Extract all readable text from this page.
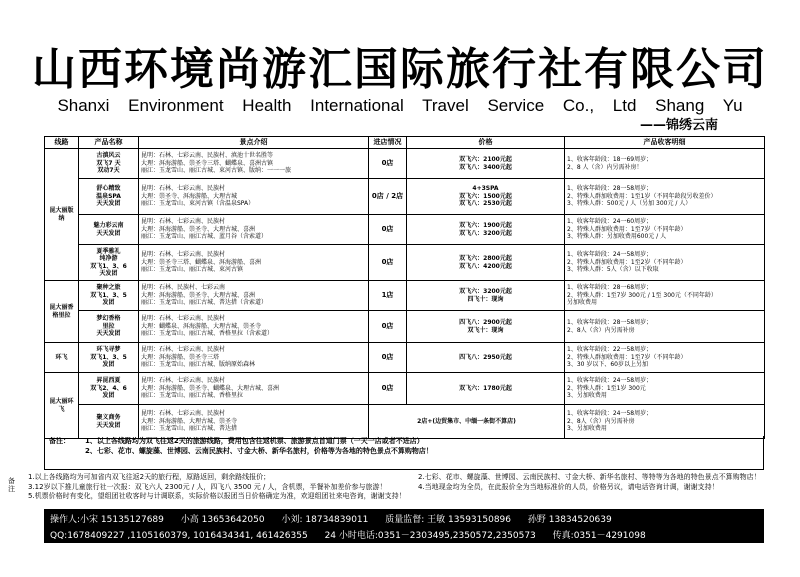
山西环境尚游汇国际旅行社有限公司
Shanxi Environment Health International Travel Service Co., Ltd Shang Yu
——锦绣云南
线路	产品名称	景点介绍	进店情况	价格	产品收客明细
昆大丽版纳	古滇风云
双飞7 天
双动7天	昆明：石林、七彩云南、民族村、滇池十世名胜等
大理：洱海游船、崇圣寺三塔、蝴蝶泉、喜洲古镇
丽江：玉龙雪山、丽江古城、束河古镇、版纳：一一一旅	0店	双飞六：2100元起
双飞八：3400元起	1、收客年龄段：18一69周岁；
2、8 人（含）内另需补房！

	舒心精致
温泉SPA
天天发团	昆明：石林、七彩云南、民族村
大理：崇圣寺、洱海游船、大理古城
丽江：玉龙雪山、束河古镇（含温泉SPA）	0店 / 2店	4+3SPA
双飞六：1500元起
双飞八：2530元起	1、收客年龄段：28一58周岁；
2、特殊人群加收费用：1至1岁（不同年龄段另收差价）
3、特殊人群：500元 / 人（另加 300元 / 人）

	魅力彩云南
天天发团	昆明：石林、七彩云南、民族村
大理：洱海游船、崇圣寺、大理古城、喜洲
丽江：玉龙雪山、丽江古城、蓝月谷（含索道）	0店	双飞六：1900元起
双飞八：3200元起	1、收客年龄段：24一60周岁；
2、特殊人群加收费用：1至7岁（不同年龄）
3、特殊人群：另加收费用600元 / 人

	夏季雅礼
纯净游
双飞1、3、6
天发团	昆明：石林、七彩云南、民族村
大理：崇圣寺三塔、蝴蝶泉、洱海游船、喜洲
丽江：玉龙雪山、丽江古城、束河古镇	0店	双飞六：2800元起
双飞八：4200元起	1、收客年龄段：24一58周岁；
2、特殊人群加收费用：1至2岁（不同年龄）
3、特殊人群：5人（含）以下收取

昆大丽香格里拉	聚种之旅
双飞1、3、5
发团	昆明：石林、民族村、七彩云南
大理：洱海游船、崇圣寺、大理古城、喜洲
丽江：玉龙雪山、丽江古城、普达措（含索道）	1店	双飞六：3200元起
四飞十：现询	1、收客年龄段：28一68周岁；
2、特殊人群：1至7岁 300元 / 1至 300元（不同年龄）
另加收费用

	梦幻香格
里拉
天天发团	昆明：石林、七彩云南、民族村
大理：蝴蝶泉、洱海游船、大理古城、崇圣寺
丽江：玉龙雪山、丽江古城、香格里拉（含索道）	0店	四飞八：2900元起
双飞十：现询	1、收客年龄段：28一58周岁；
2、8人（含）内另需补房

环飞	环飞寻梦
双飞1、3、5
发团	昆明：石林、七彩云南、民族村
大理：洱海游船、崇圣寺三塔
丽江：玉龙雪山、丽江古城、版纳原始森林	0店	四飞八：2950元起	1、收客年龄段：22一58周岁；
2、特殊人群加收费用：1至7岁（不同年龄）
3、30 岁以下、60岁以上另加

昆大丽环飞	昇昆西夏
双飞2、4、6
发团	昆明：石林、七彩云南、民族村
大理：洱海游船、崇圣寺、蝴蝶泉、大理古城、喜洲
丽江：玉龙雪山、丽江古城、香格里拉	0店	双飞六：1780元起	1、收客年龄段：24一58周岁；
2、特殊人群：1至1岁 300元
3、另加收费用

	聚义商务
天天发团	昆明：石林、七彩云南、民族村
大理：洱海游船、大理古城、崇圣寺
丽江：玉龙雪山、丽江古城、普达措	2店+(边贸集市、中缅一条街不算店)		1、收客年龄段：24一58周岁；
2、8人（含）内另需补房
3、另加收费用
备注： 1、以上各线路均为双飞往返2天的旅游线路，费用包含往返机票、旅游景点首道门票（一天一店或者不进店）
2、七彩、花市、螺旋藻、世博园、云南民族村、寸金大桥、新华名旅村，价格等为各地的特色景点不算购物店！
备注
1.以上各线路均为可加省内双飞往返2天的旅行程，原路返回，剩余路线报价；
3.12岁以下推儿童旅行社一次报：双飞六人 2300元 / 人，四飞八 3500 元 / 人，含机票，半餐补加差价参与旅游！
2.七彩、花市、螺旋藻、世博园、云南民族村、寸金大桥、新华名旅村、等特等为各地的特色景点不算购物店！
4.当地现金均为全员，在此报价全为当地标准价的人员，价格另议，请电话咨询计调，谢谢支持！
5.机票价格时有变化，望组团社收客时与计调联系，实际价格以报团当日价格确定为准，欢迎组团社来电咨询，谢谢支持！
操作人:小宋 15135127689 小高 13653642050 小刘: 18734839011 质量监督: 王敏 13593150896 孙野 13834520639
QQ:1678409227 ,1105160379, 1016434341, 461426355 24 小时电话:0351－2303495,2350572,2350573 传真:0351－4291098
